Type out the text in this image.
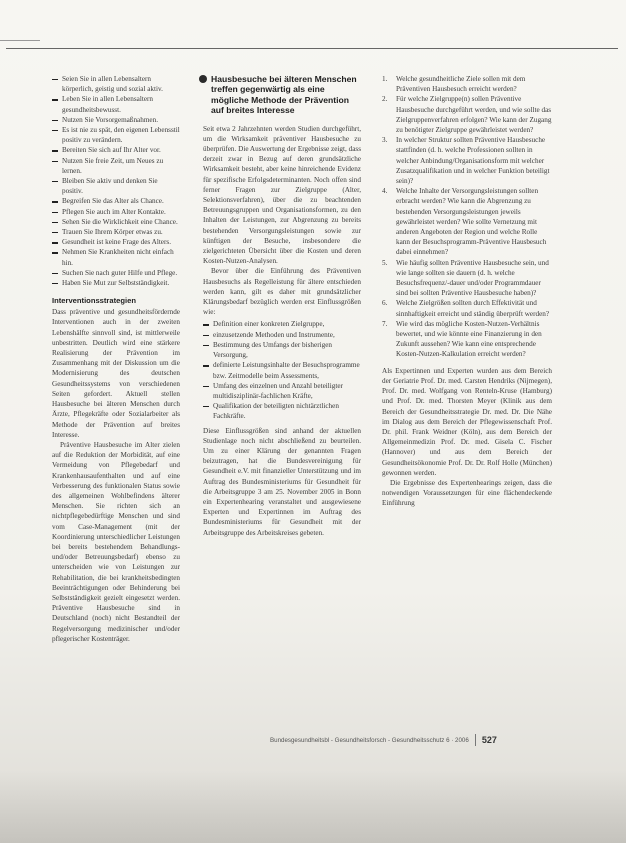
Seien Sie in allen Lebensaltern körperlich, geistig und sozial aktiv.
Leben Sie in allen Lebensaltern gesundheitsbewusst.
Nutzen Sie Vorsorgemaßnahmen.
Es ist nie zu spät, den eigenen Lebensstil positiv zu verändern.
Bereiten Sie sich auf Ihr Alter vor.
Nutzen Sie freie Zeit, um Neues zu lernen.
Bleiben Sie aktiv und denken Sie positiv.
Begreifen Sie das Alter als Chance.
Pflegen Sie auch im Alter Kontakte.
Sehen Sie die Wirklichkeit eine Chance.
Trauen Sie Ihrem Körper etwas zu.
Gesundheit ist keine Frage des Alters.
Nehmen Sie Krankheiten nicht einfach hin.
Suchen Sie nach guter Hilfe und Pflege.
Haben Sie Mut zur Selbstständigkeit.
Interventionsstrategien

Dass präventive und gesundheitsfördernde Interventionen auch in der zweiten Lebenshälfte sinnvoll sind, ist mittlerweile unbestritten. Deutlich wird eine stärkere Realisierung der Prävention im Zusammenhang mit der Diskussion um die Modernisierung des deutschen Gesundheitssystems von verschiedenen Seiten gefordert. Aktuell stellen Hausbesuche bei älteren Menschen durch Ärzte, Pflegekräfte oder Sozialarbeiter als Methode der Prävention auf breites Interesse.

Präventive Hausbesuche im Alter zielen auf die Reduktion der Morbidität, auf eine Vermeidung von Pflegebedarf und Krankenhausaufenthalten und auf eine Verbesserung des funktionalen Status sowie des allgemeinen Wohlbefindens älterer Menschen. Sie richten sich an nichtpflegebedürftige Menschen und sind vom Case-Management (mit der Koordinierung unterschiedlicher Leistungen bei bereits bestehendem Behandlungs- und/oder Betreuungsbedarf) ebenso zu unterscheiden wie von Leistungen zur Rehabilitation, die bei krankheitsbedingten Beeinträchtigungen oder Behinderung bei Selbstständigkeit gezielt eingesetzt werden. Präventive Hausbesuche sind in Deutschland (noch) nicht Bestandteil der Regelversorgung medizinischer und/oder pflegerischer Kostenträger.

Hausbesuche bei älteren Menschen treffen gegenwärtig als eine mögliche Methode der Prävention auf breites Interesse

Seit etwa 2 Jahrzehnten werden Studien durchgeführt, um die Wirksamkeit präventiver Hausbesuche zu überprüfen. Die Auswertung der Ergebnisse zeigt, dass derzeit zwar in Bezug auf deren grundsätzliche Wirksamkeit besteht, aber keine hinreichende Evidenz für spezifische Erfolgsdeterminanten. Noch offen sind ferner Fragen zur Zielgruppe (Alter, Selektionsverfahren), über die zu beachtenden Betreuungsgruppen und Organisationsformen, zu den Inhalten der Leistungen, zur Abgrenzung zu bereits bestehenden Versorgungsleistungen sowie zur künftigen der Besuche, insbesondere die zielgerichteten Übersicht über die Kosten und deren Kosten-Nutzen-Analysen.

Bevor über die Einführung des Präventiven Hausbesuchs als Regelleistung für ältere entschieden werden kann, gilt es daher mit grundsätzlicher Klärungsbedarf bezüglich werden erst Einflussgrößen wie:

Definition einer konkreten Zielgruppe,
einzusetzende Methoden und Instrumente,
Bestimmung des Umfangs der bisherigen Versorgung,
definierte Leistungsinhalte der Besuchsprogramme bzw. Zeitmodelle beim Assessments,
Umfang des einzelnen und Anzahl beteiligter multidisziplinär-fachlichen Kräfte,
Qualifikation der beteiligten nichtärztlichen Fachkräfte.

Diese Einflussgrößen sind anhand der aktuellen Studienlage noch nicht abschließend zu beurteilen. Um zu einer Klärung der genannten Fragen beizutragen, hat die Bundesvereinigung für Gesundheit e.V. mit finanzieller Unterstützung und im Auftrag des Bundesministeriums für Gesundheit für die Arbeitsgruppe 3 am 25. November 2005 in Bonn ein Expertenhearing veranstaltet und ausgewiesene Experten und Expertinnen im Auftrag des Bundesministeriums für Gesundheit mit der Arbeitsgruppe des Arbeitskreises gebeten.

1. Welche gesundheitliche Ziele sollen mit dem Präventiven Hausbesuch erreicht werden?
2. Für welche Zielgruppe(n) sollen Präventive Hausbesuche durchgeführt werden, und wie sollte das Zielgruppenverfahren erfolgen? Wie kann der Zugang zu benötigter Zielgruppe gewährleistet werden?
3. In welcher Struktur sollten Präventive Hausbesuche stattfinden (d. h. welche Professionen sollten in welcher Anbindung/Organisationsform mit welcher Zusatzqualifikation und in welcher Funktion beteiligt sein)?
4. Welche Inhalte der Versorgungsleistungen sollten erbracht werden? Wie kann die Abgrenzung zu bestehenden Versorgungsleistungen jeweils gewährleistet werden? Wie sollte Vernetzung mit anderen Angeboten der Region und welche Rolle kann der Besuchsprogramm-Präventive Hausbesuch dabei einnehmen?
5. Wie häufig sollten Präventive Hausbesuche sein, und wie lange sollten sie dauern (d. h. welche Besuchsfrequenz/-dauer und/oder Programmdauer sind bei sollten Präventive Hausbesuche haben)?
6. Welche Zielgrößen sollten durch Effektivität und sinnhaftigkeit erreicht und ständig überprüft werden?
7. Wie wird das mögliche Kosten-Nutzen-Verhältnis bewertet, und wie könnte eine Finanzierung in den Zukunft aussehen? Wie kann eine entsprechende Kosten-Nutzen-Kalkulation erreicht werden?

Als Expertinnen und Experten wurden aus dem Bereich der Geriatrie Prof. Dr. med. Carsten Hendriks (Nijmegen), Prof. Dr. med. Wolfgang von Renteln-Kruse (Hamburg) und Prof. Dr. med. Thorsten Meyer (Klinik aus dem Bereich der Gesundheitsstrategie Dr. med. Dr. Die Nähe im Dialog aus dem Bereich der Pflegewissenschaft Prof. Dr. phil. Frank Weidner (Köln), aus dem Bereich der Allgemeinmedizin Prof. Dr. med. Gisela C. Fischer (Hannover) und aus dem Bereich der Gesundheitsökonomie Prof. Dr. Dr. Rolf Holle (München) gewonnen werden.

Die Ergebnisse des Expertenhearings zeigen, dass die notwendigen Voraussetzungen für eine flächendeckende Einführung

Bundesgesundheitsbl - Gesundheitsforsch - Gesundheitsschutz 6 · 2006 527
